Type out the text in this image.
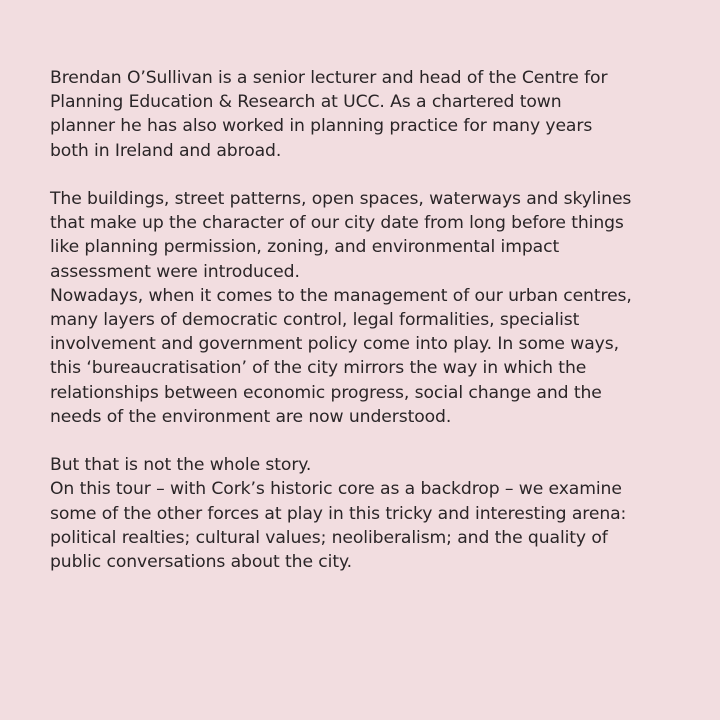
Brendan O’Sullivan is a senior lecturer and head of the Centre for
Planning Education & Research at UCC. As a chartered town
planner he has also worked in planning practice for many years
both in Ireland and abroad.
The buildings, street patterns, open spaces, waterways and skylines
that make up the character of our city date from long before things
like planning permission, zoning, and environmental impact
assessment were introduced.
Nowadays, when it comes to the management of our urban centres,
many layers of democratic control, legal formalities, specialist
involvement and government policy come into play. In some ways,
this ‘bureaucratisation’ of the city mirrors the way in which the
relationships between economic progress, social change and the
needs of the environment are now understood.
But that is not the whole story.
On this tour – with Cork’s historic core as a backdrop – we examine
some of the other forces at play in this tricky and interesting arena:
political realties; cultural values; neoliberalism; and the quality of
public conversations about the city.
